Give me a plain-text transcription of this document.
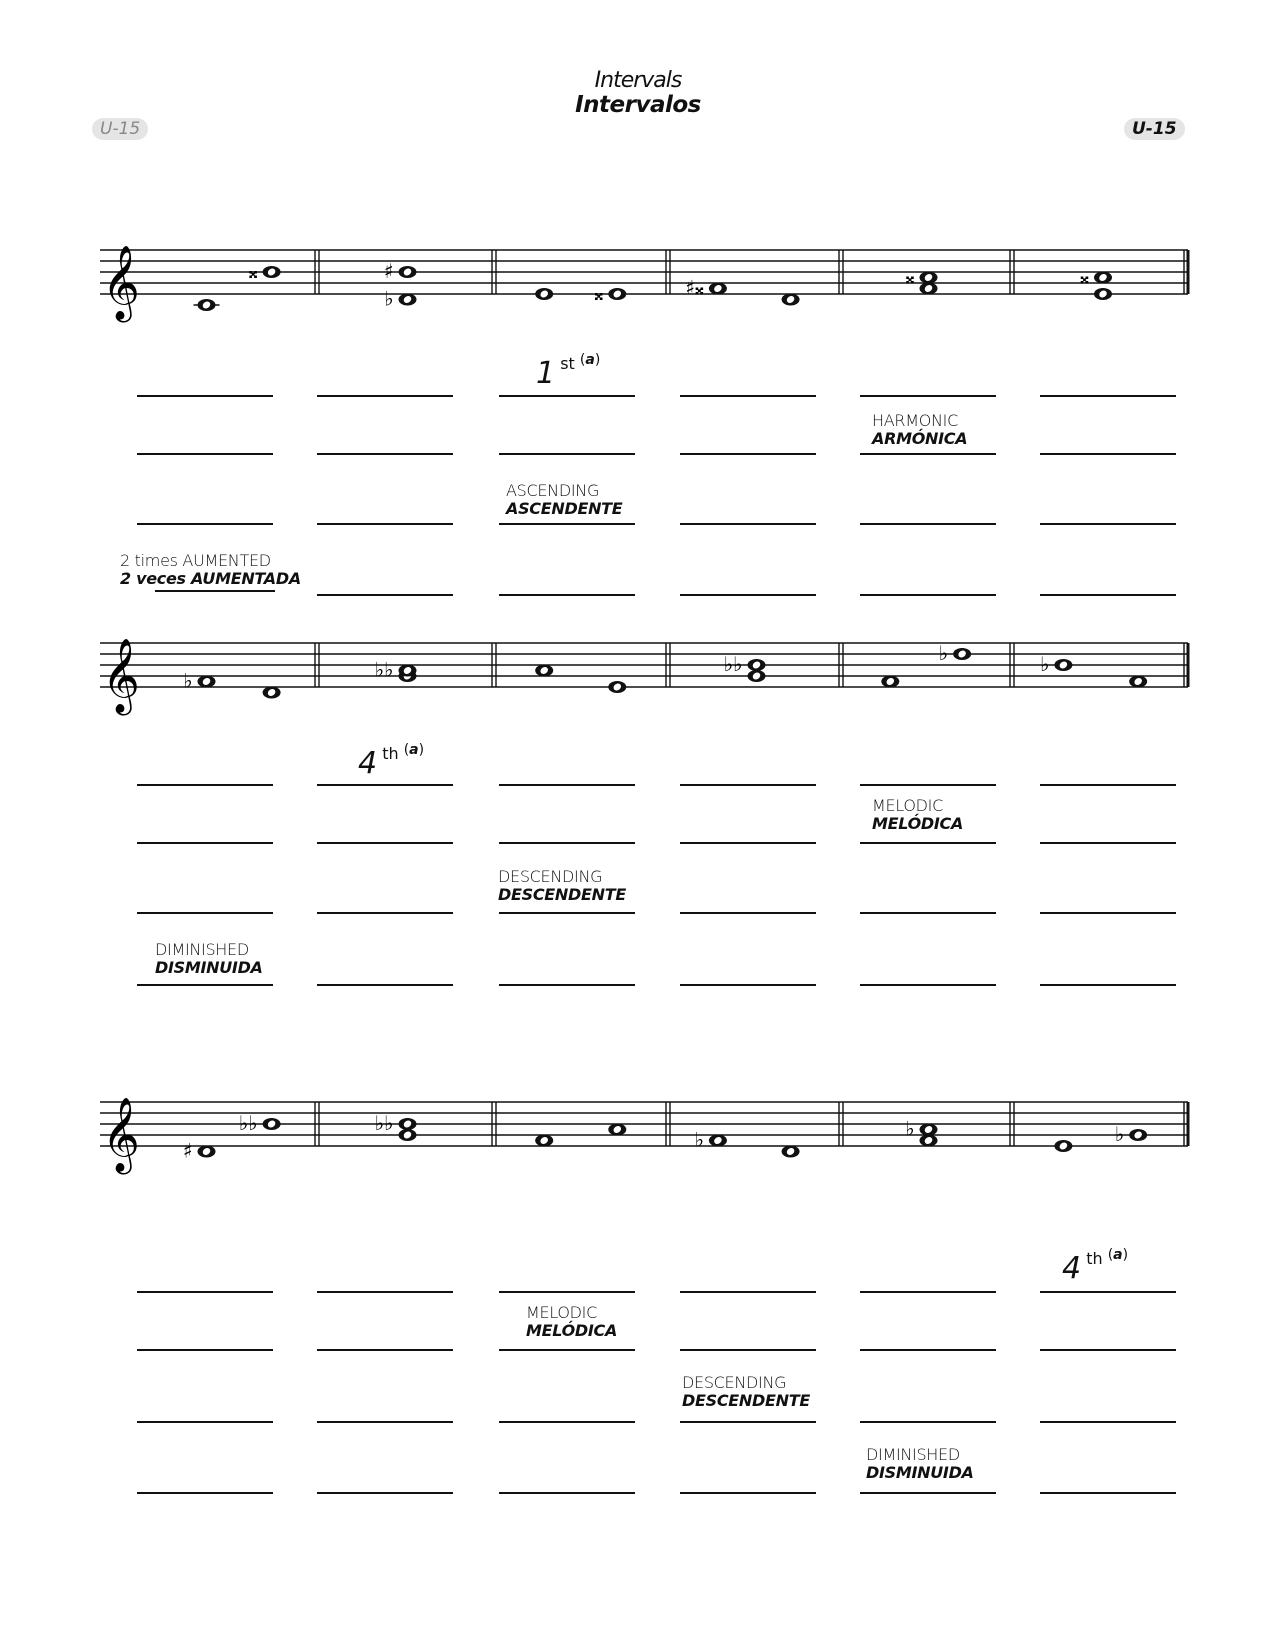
Intervals
Intervalos
U-15	U-15
𝄞	𝄪
♭
♯
𝄪	♯𝄪	𝄪	𝄪
𝄞 ♭	♭♭	♭♭	♭	♭
𝄞 ♯
♭♭	♭♭
♭	♭	♭
2 times AUMENTED
2 veces AUMENTADA
HARMONIC
ARMÓNICA
ASCENDING
ASCENDENTE
1 st (a)
4 th (a)
MELODIC
MELÓDICA
DESCENDING
DESCENDENTE
DIMINISHED
DISMINUIDA
4 th (a)
MELODIC
MELÓDICA
DESCENDING
DESCENDENTE
DIMINISHED
DISMINUIDA
